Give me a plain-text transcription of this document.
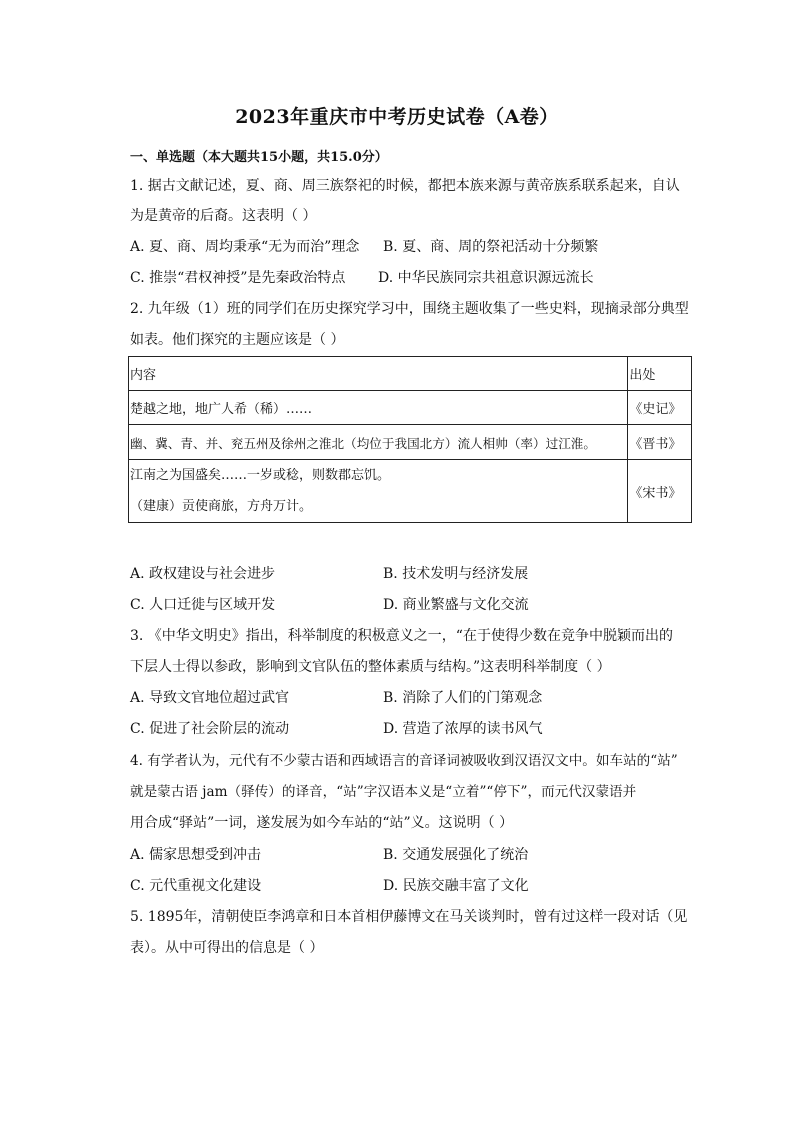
2023年重庆市中考历史试卷（A卷）
一、单选题（本大题共15小题，共15.0分）
1. 据古文献记述，夏、商、周三族祭祀的时候，都把本族来源与黄帝族系联系起来，自认
为是黄帝的后裔。这表明（ ）
A. 夏、商、周均秉承“无为而治”理念 B. 夏、商、周的祭祀活动十分频繁
C. 推崇“君权神授”是先秦政治特点 D. 中华民族同宗共祖意识源远流长
2. 九年级（1）班的同学们在历史探究学习中，围绕主题收集了一些史料，现摘录部分典型
如表。他们探究的主题应该是（ ）
内容	出处
楚越之地，地广人希（稀）……	《史记》
幽、冀、青、并、兖五州及徐州之淮北（均位于我国北方）流人相帅（率）过江淮。	《晋书》

江南之为国盛矣……一岁或稔，则数郡忘饥。
（建康）贡使商旅，方舟万计。	《宋书》
A. 政权建设与社会进步	B. 技术发明与经济发展
C. 人口迁徙与区域开发	D. 商业繁盛与文化交流
3. 《中华文明史》指出，科举制度的积极意义之一，“在于使得少数在竞争中脱颖而出的
下层人士得以参政，影响到文官队伍的整体素质与结构。”这表明科举制度（ ）
A. 导致文官地位超过武官	B. 消除了人们的门第观念
C. 促进了社会阶层的流动	D. 营造了浓厚的读书风气
4. 有学者认为，元代有不少蒙古语和西域语言的音译词被吸收到汉语汉文中。如车站的“站”
就是蒙古语 jam（驿传）的译音，“站”字汉语本义是“立着”“停下”，而元代汉蒙语并
用合成“驿站”一词，遂发展为如今车站的“站”义。这说明（ ）
A. 儒家思想受到冲击	B. 交通发展强化了统治
C. 元代重视文化建设	D. 民族交融丰富了文化
5. 1895年，清朝使臣李鸿章和日本首相伊藤博文在马关谈判时，曾有过这样一段对话（见
表）。从中可得出的信息是（ ）
